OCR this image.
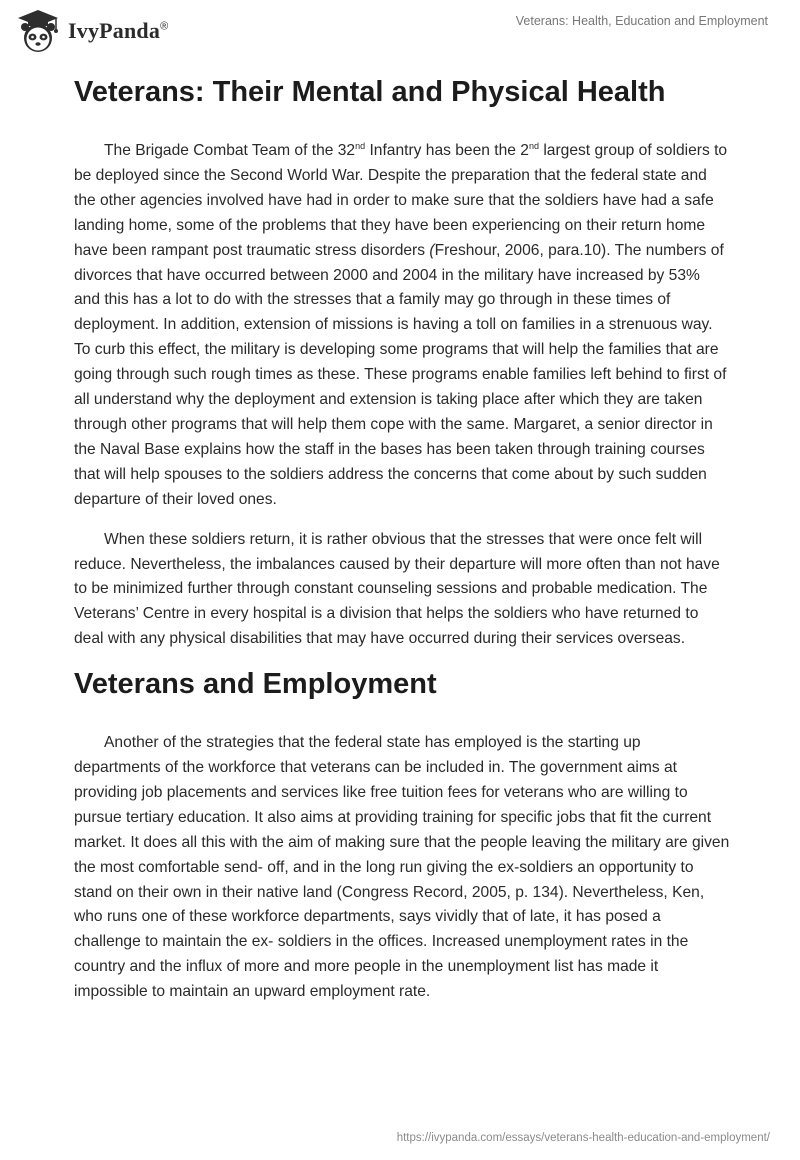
IvyPanda®	Veterans: Health, Education and Employment
Veterans: Their Mental and Physical Health

The Brigade Combat Team of the 32nd Infantry has been the 2nd largest group of soldiers to be deployed since the Second World War. Despite the preparation that the federal state and the other agencies involved have had in order to make sure that the soldiers have had a safe landing home, some of the problems that they have been experiencing on their return home have been rampant post traumatic stress disorders (Freshour, 2006, para.10). The numbers of divorces that have occurred between 2000 and 2004 in the military have increased by 53% and this has a lot to do with the stresses that a family may go through in these times of deployment. In addition, extension of missions is having a toll on families in a strenuous way. To curb this effect, the military is developing some programs that will help the families that are going through such rough times as these. These programs enable families left behind to first of all understand why the deployment and extension is taking place after which they are taken through other programs that will help them cope with the same. Margaret, a senior director in the Naval Base explains how the staff in the bases has been taken through training courses that will help spouses to the soldiers address the concerns that come about by such sudden departure of their loved ones.

When these soldiers return, it is rather obvious that the stresses that were once felt will reduce. Nevertheless, the imbalances caused by their departure will more often than not have to be minimized further through constant counseling sessions and probable medication. The Veterans’ Centre in every hospital is a division that helps the soldiers who have returned to deal with any physical disabilities that may have occurred during their services overseas.

Veterans and Employment

Another of the strategies that the federal state has employed is the starting up departments of the workforce that veterans can be included in. The government aims at providing job placements and services like free tuition fees for veterans who are willing to pursue tertiary education. It also aims at providing training for specific jobs that fit the current market. It does all this with the aim of making sure that the people leaving the military are given the most comfortable send- off, and in the long run giving the ex-soldiers an opportunity to stand on their own in their native land (Congress Record, 2005, p. 134). Nevertheless, Ken, who runs one of these workforce departments, says vividly that of late, it has posed a challenge to maintain the ex- soldiers in the offices. Increased unemployment rates in the country and the influx of more and more people in the unemployment list has made it impossible to maintain an upward employment rate.

https://ivypanda.com/essays/veterans-health-education-and-employment/
